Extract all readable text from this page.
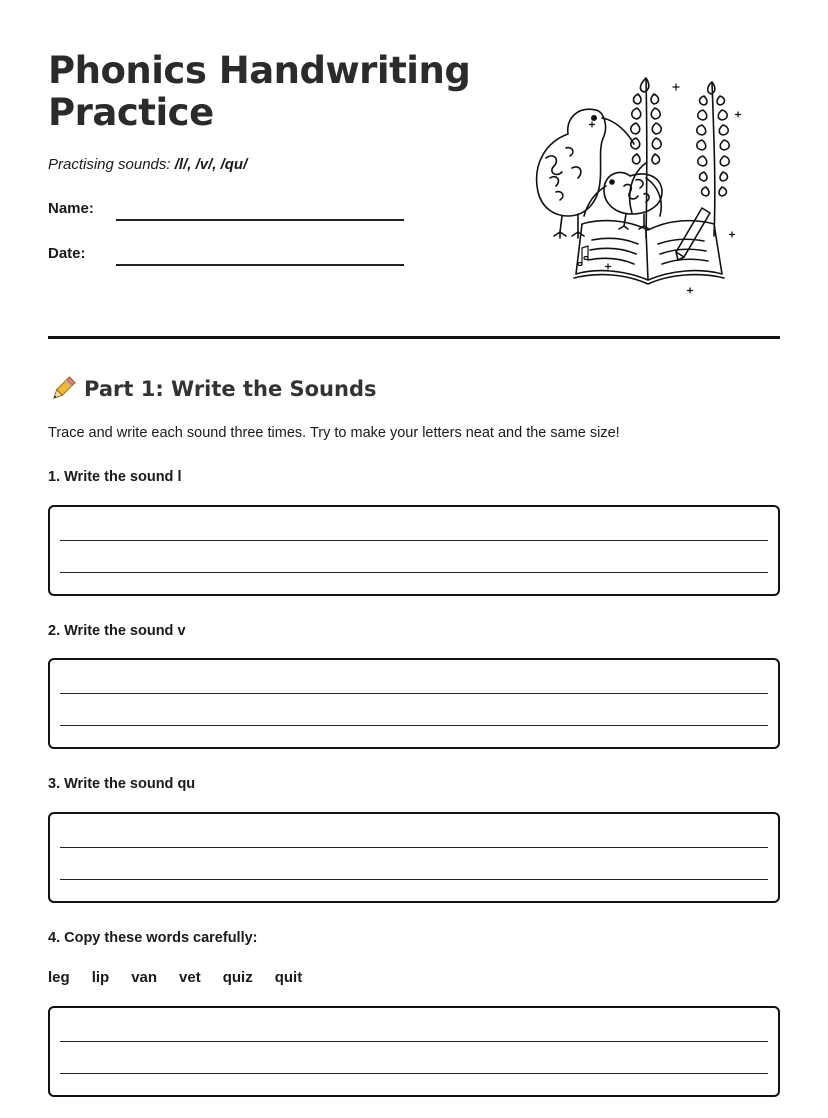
Phonics Handwriting
Practice
Practising sounds: /l/, /v/, /qu/
Name:
Date:
Part 1: Write the Sounds
Trace and write each sound three times. Try to make your letters neat and the same size!
1. Write the sound l
2. Write the sound v
3. Write the sound qu
4. Copy these words carefully:
leg lip van vet quiz quit
